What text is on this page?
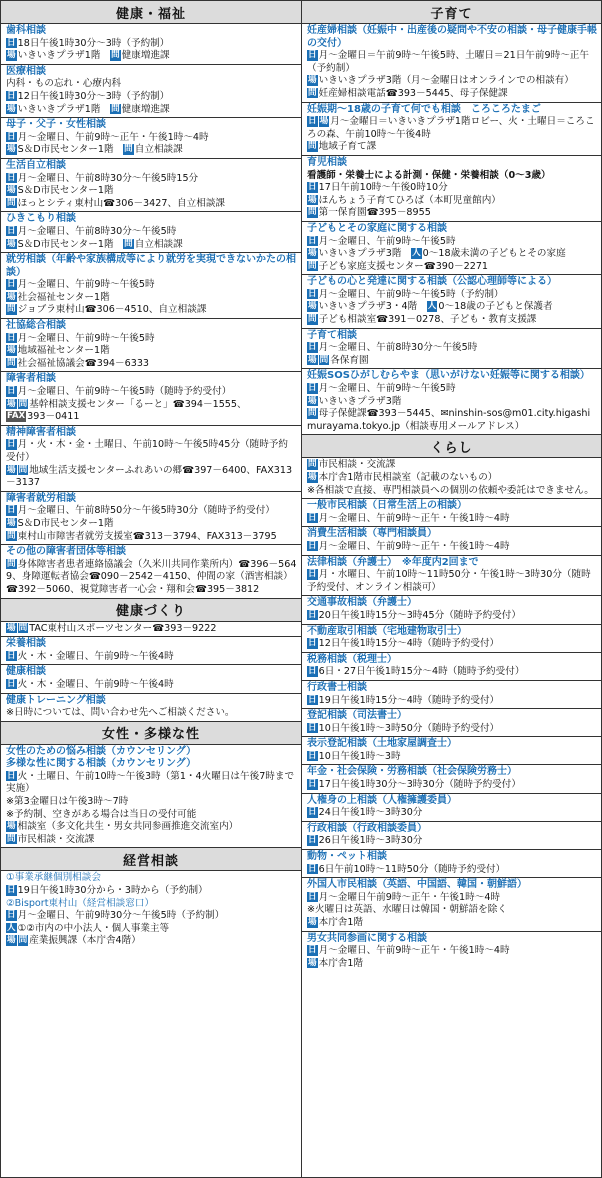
健康・福祉
歯科相談
日 18日午後1時30分～3時（予約制）
場 いきいきプラザ1階　問 健康増進課
医療相談
内科・もの忘れ・心療内科
日 12日午後1時30分～3時（予約制）
場 いきいきプラザ1階　問 健康増進課
母子・父子・女性相談
日 月～金曜日、午前9時～正午・午後1時～4時
場 S＆D市民センター1階　問 自立相談課
生活自立相談
日 月～金曜日、午前8時30分～午後5時15分
場 S＆D市民センター1階
問 ほっとシティ東村山☎306－3427、自立相談課
ひきこもり相談
日 月～金曜日、午前8時30分～午後5時
場 S＆D市民センター1階　問 自立相談課
就労相談（年齢や家族構成等により就労を実現できないかたの相談）
日 月～金曜日、午前9時～午後5時
場 社会福祉センター1階
問 ジョブラ東村山☎306－4510、自立相談課
社協総合相談
日 月～金曜日、午前9時～午後5時
場 地域福祉センター1階
問 社会福祉協議会☎394－6333
障害者相談
日 月～金曜日、午前9時～午後5時（随時予約受付）
場 問 基幹相談支援センター「るーと」☎394－1555、
FAX 393－0411
精神障害者相談
日 月・火・木・金・土曜日、午前10時～午後5時45分（随時予約受付）
場 問 地域生活支援センターふれあいの郷☎397－6400、FAX313－3137
障害者就労相談
日 月～金曜日、午前8時50分～午後5時30分（随時予約受付）
場 S＆D市民センター1階
問 東村山市障害者就労支援室☎313－3794、FAX313－3795
その他の障害者団体等相談
問 身体障害者患者連絡協議会（久米川共同作業所内）☎396－5649、身障運転者協会☎090－2542－4150、仲間の家（酒害相談）☎392－5060、視覚障害者一心会・翔和会☎395－3812
健康づくり
場 問 TAC東村山スポーツセンター☎393－9222
栄養相談
日 火・木・金曜日、午前9時～午後4時
健康相談
日 火・木・金曜日、午前9時～午後4時
健康トレーニング相談
※日時については、問い合わせ先へご相談ください。
女性・多様な性
女性のための悩み相談（カウンセリング）
多様な性に関する相談（カウンセリング）
日 火・土曜日、午前10時～午後3時（第1・4火曜日は午後7時まで実施）
※第3金曜日は午後3時～7時
※予約制、空きがある場合は当日の受付可能
場 相談室（多文化共生・男女共同参画推進交流室内）
問 市民相談・交流課
経営相談
①事業承継個別相談会
日 19日午後1時30分から・3時から（予約制）
②Bisport東村山（経営相談窓口）
日 月～金曜日、午前9時30分～午後5時（予約制）
人 ①②市内の中小法人・個人事業主等
場 問 産業振興課（本庁舎4階）
子育て
妊産婦相談（妊娠中・出産後の疑問や不安の相談・母子健康手帳の交付）
日 月～金曜日＝午前9時～午後5時、土曜日＝21日午前9時～正午（予約制）
場 いきいきプラザ3階（月～金曜日はオンラインでの相談有）
問 妊産婦相談電話☎393－5445、母子保健課
妊娠期～18歳の子育て何でも相談　ころころたまご
日 場 月～金曜日＝いきいきプラザ1階ロビー、火・土曜日＝ころころの森、午前10時～午後4時
問 地域子育て課
育児相談
看護師・栄養士による計測・保健・栄養相談（0～3歳）
日 17日午前10時～午後0時10分
場 ほんちょう子育てひろば（本町児童館内）
問 第一保育園☎395－8955
子どもとその家庭に関する相談
日 月～金曜日、午前9時～午後5時
場 いきいきプラザ3階　人 0～18歳未満の子どもとその家庭
問 子ども家庭支援センター☎390－2271
子どもの心と発達に関する相談（公認心理師等による）
日 月～金曜日、午前9時～午後5時（予約制）
場 いきいきプラザ3・4階　人 0～18歳の子どもと保護者
問 子ども相談室☎391－0278、子ども・教育支援課
子育て相談
日 月～金曜日、午前8時30分～午後5時
場 問 各保育園
妊娠SOSひがしむらやま（思いがけない妊娠等に関する相談）
日 月～金曜日、午前9時～午後5時
場 いきいきプラザ3階
問 母子保健課☎393－5445、✉ninshin-sos@m01.city.higashimurayama.tokyo.jp（相談専用メールアドレス）
くらし
問 市民相談・交流課
場 本庁舎1階市民相談室（記載のないもの）
※各相談で直接、専門相談員への個別の依頼や委託はできません。
一般市民相談（日常生活上の相談）
日 月～金曜日、午前9時～正午・午後1時～4時
消費生活相談（専門相談員）
日 月～金曜日、午前9時～正午・午後1時～4時
法律相談（弁護士）　※年度内2回まで
日 月・水曜日、午前10時～11時50分・午後1時～3時30分（随時予約受付、オンライン相談可）
交通事故相談（弁護士）
日 20日午後1時15分～3時45分（随時予約受付）
不動産取引相談（宅地建物取引士）
日 12日午後1時15分～4時（随時予約受付）
税務相談（税理士）
日 6日・27日午後1時15分～4時（随時予約受付）
行政書士相談
日 19日午後1時15分～4時（随時予約受付）
登記相談（司法書士）
日 10日午後1時～3時50分（随時予約受付）
表示登記相談（土地家屋調査士）
日 10日午後1時～3時
年金・社会保険・労務相談（社会保険労務士）
日 17日午後1時30分～3時30分（随時予約受付）
人権身の上相談（人権擁護委員）
日 24日午後1時～3時30分
行政相談（行政相談委員）
日 26日午後1時～3時30分
動物・ペット相談
日 6日午前10時～11時50分（随時予約受付）
外国人市民相談（英語、中国語、韓国・朝鮮語）
日 月～金曜日午前9時～正午・午後1時～4時
※火曜日は英語、水曜日は韓国・朝鮮語を除く
場 本庁舎1階
男女共同参画に関する相談
日 月～金曜日、午前9時～正午・午後1時～4時
場 本庁舎1階
